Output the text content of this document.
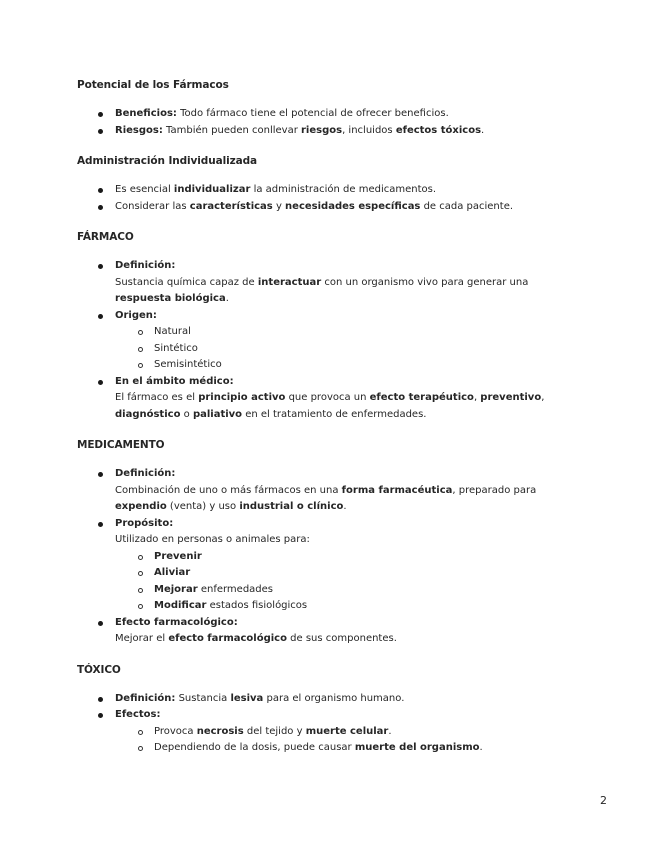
Potencial de los Fármacos
Beneficios: Todo fármaco tiene el potencial de ofrecer beneficios.
Riesgos: También pueden conllevar riesgos, incluidos efectos tóxicos.
Administración Individualizada
Es esencial individualizar la administración de medicamentos.
Considerar las características y necesidades específicas de cada paciente.
FÁRMACO
Definición:
Sustancia química capaz de interactuar con un organismo vivo para generar una respuesta biológica.
Origen:
Natural
Sintético
Semisintético
En el ámbito médico:
El fármaco es el principio activo que provoca un efecto terapéutico, preventivo, diagnóstico o paliativo en el tratamiento de enfermedades.
MEDICAMENTO
Definición:
Combinación de uno o más fármacos en una forma farmacéutica, preparado para expendio (venta) y uso industrial o clínico.
Propósito:
Utilizado en personas o animales para:
Prevenir
Aliviar
Mejorar enfermedades
Modificar estados fisiológicos
Efecto farmacológico:
Mejorar el efecto farmacológico de sus componentes.
TÓXICO
Definición: Sustancia lesiva para el organismo humano.
Efectos:
Provoca necrosis del tejido y muerte celular.
Dependiendo de la dosis, puede causar muerte del organismo.
2
